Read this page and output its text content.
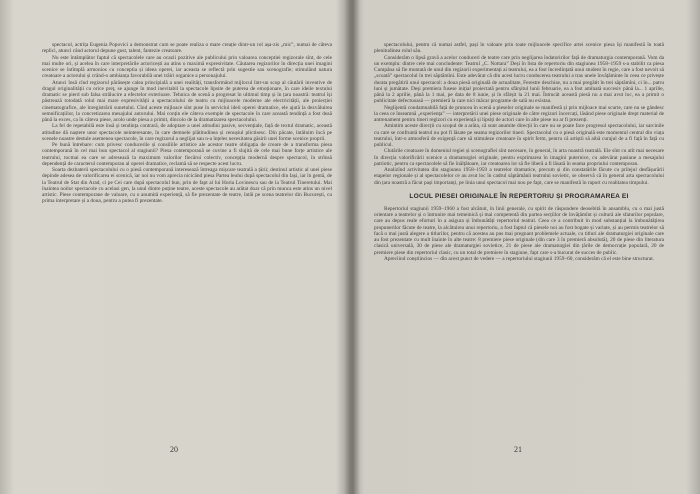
spectacol, actrița Eugenia Popovici a demonstrat cum se poate realiza o mare creație dintr-un rol așa-zis „mic”, numai de câteva replici, atunci când actorul depune gust, talent, fantezie creatoare.

Nu este întâmplător faptul că spectacolele care au ocazii pozitive ale publicului prin valoarea conceptiei regizorale sînt, de cele mai multe ori, și acelea în care interpretările actoricești au atins o maximă expresivitate. Căutarea regizorilor în direcția unei imagini scenice se întîmplă armonios cu conceptia și ideea operei, iar aceasta se reflectă prin sugestie sau scenografie; stimulând natura creatoare a actorului și crând-o ambianța favorabilă unei trăiri organice a personajului.

Atunci însă cînd regizorul părăsește calea principială a unei realități, transformând mijlocul într-un scop al căutării inventive de dragul originalității cu orice preț, se ajunge în mod inevitabil la spectacole lipsite de puterea de emoționare, în care ideile textului dramatic se pierd sub falsa strălucire a efectelor exterioare. Tehnica de scenă a progresat în ultimul timp și în țara noastră: teatrul își păstrează totodată rolul mai mare expresivității a spectacolului de teatru cu mijloacele moderne ale electricității, ale proiecției cinematografice, ale înregistrării sunetului. Cînd aceste mijloace sînt puse în serviciul ideii operei dramatice, ele ajută la dezvăluirea semnificațiilor, la concretizarea mesajului autorului. Mai conțin ele câteva exemple de spectacole în care această tendință a fost dusă până la exces, ca în câteva piese, acolo unde piesa a primit, dincolo de la dramatizarea spectacolului.

La fel de repetabilă este însă și tendința contrară, de adoptare a unei atitudini pasive, secvențiale, față de textul dramatic, această atitudine dă naștere unor spectacole neinteresante, în care demnele plătitudinea și cenușiul plictisesc. Din păcate, întâlnim încă pe scenele noastre destule asemenea spectacole, în care regizorul a neglijat sau n-a înțeles necesitatea găsirii unei forme scenice proprii.

Pe bună întrebare: cum privesc conducerile și consiliile artistice ale acestor teatre obligația de creare de a transforma piesa contemporană în cel mai bun spectacol al stagiunii? Piesa contemporană se cuvine a fi slujită de cele mai bune forțe artistice ale teatrului, tocmai ea care se adresează la maximum valorilor fiecărui colectiv, concepția modernă despre spectacol, în strînsă dependență de caracterul contemporan al operei dramatice, reclamă să se respecte acest lucru.

Soarta dezbaterii spectacolului cu o piesă contemporană interesează întreaga mișcare teatrală a țării; destinul artistic al unei piese depinde adesea de valorificarea ei scenică, iar noi nu vom aprecia nicicând piesa Partea leului după spectacolul din Iași, iar în gentă, de la Teatrul de Stat din Arad, ci pe Cei care după spectacolul bun, prin de fapt al lui Horia Lovinescu sau de la Teatrul Tineretului. Mai înaintea noilor spectacole cu acelasi gen, la unul dintre puține teatre, aceste spectacole au arătat doar că prin munca este atins un nivel artistic. Piese contemporane de valoare, cu o anumită experiență, să fie prezentate de teatre, întâi pe scena teatrelor din București, cu prima interpretare și a doua, pentru a putea fi prezentate.

20

spectacolului, pentru că numai astfel, pași în valoare prin toate mijloacele specifice artei scenice piesa își manifestă în toată plenitudinea rolul său.

Considerăm o lipsă gravă a acelor conduceri de teatre care prin neglijarea îndatoririlor față de dramaturgia contemporană. Vom da un exemplu: dintre cele mai concludente: Teatrul „C. Nottara” Deși în lista de repertoriu din stagiunea 1958–1959 s-a stabilit ca piesa Cumpăna să fie montată de unul din regizorii experimentați ai teatrului, ea a fost încredințată unui student în regie, care a fost nevoit să „scoată” spectacolul în trei săptămîni. Este adevărat că din acest lucru conducerea teatrului a tras unele învățăminte în ceea ce privește durata pregătirii unui spectacol: a doua piesă originală de actualitate, Ferestre deschise, nu a mai pregătit în trei săptămîni, ci în... patru luni și jumătate. Deși premiera fusese inițial proiectată pentru sfârșitul lunii februarie, ea a fost amînată succesiv până la... 1 aprilie, până la 2 aprilie, până la 1 mai, pe data de 8 iunie, și în sfârșit la 21 mai. Întrucât această piesă nu a mai avut loc, ea a primit o publicitate defectuoasă — premieră la care nici măcar programe de sală nu existau.

Neglijentă condamnabilă față de pruncea în scenă a pieselor originale se manifestă și prin mijloace mai scurte, care nu se gândesc la ceea ce înseamnă „experiența” — interpretării unei piese originale de către regizori încercați, lăsând piese originale drept material de antrenament pentru tineri regizori cu experiență și lipsiți de actori care în alte piese nu ar fi prezenți.

Amintim aceste direcții cu scopul de a arăta, că sunt anumite direcții în care nu se poate face progresul spectacolului, iar sarcinile cu care se confruntă teatrul nu pot fi lăsate pe seama regizorilor tineri. Spectacolul cu o piesă originală este momentul central din viața teatrului, într-o atmosferă de exigență care să stimuleze creatoare în spirit ferm, pentru că artiștii să aibă curajul de a fi față în față cu publicul.

Clutările creatoare în domeniul regiei și scenografiei sînt necesare, în general, în arta noastră teatrală. Ele sînt cu atît mai necesare în direcția valorificării scenice a dramaturgiei originale, pentru exprimarea în imagini puternice, cu adevărat pasiune a mesajului patriotic, pentru ca spectacolele să fie înălțătoare, iar creatoarea lor să fie liberă a fi lăsată în seama propriului contemporan.

Analizînd activitatea din stagiunea 1958–1959 a teatrelor dramatice, precum și din constatările făcute cu prilejul desfășurării etapelor regionale și al spectacolelor ce au avut loc în cadrul săptămânii teatrului sovietic, se observă că în general arta spectacolului din țara noastră a făcut pași importanți, pe linia unui spectacol mai nou pe fapt, care se manifestă în raport cu realitatea timpului.

LOCUL PIESEI ORIGINALE ÎN REPERTORIU ȘI PROGRAMAREA EI

Repertoriul stagiunii 1959–1960 a fost alcătuit, în linii generale, cu spirit de răspundere deosebită în ansamblu, cu o mai justă orientare a teatrelor și o întrunire mai temeinică și mai competentă din partea secțiilor de învățămînt și cultură ale sfaturilor populare, care au depus reale eforturi în a asigura și îmbunătăți repertoriul teatral. Ceea ce a contribuit în mod substanțial la îmbunătățirea propunerilor făcute de teatre, la alcătuirea unui repertoriu, a fost faptul că piesele noi au fost bogate și variate, și au permis teatrelor să facă o mai justă alegere a titlurilor, pentru că acestea au pus mai pregnant problemele actuale, cu titluri ale dramaturgiei originale care au fost prezentate cu mult înainte în alte teatre: 8 premiere piese originale (din care 3 în premieră absolută), 20 de piese din literatura clasică universală, 30 de piese ale dramaturgiei sovietice, 21 de piese ale dramaturgiei din țările de democrație populară, 20 de premiere piese din repertoriul clasic, cu un total de premiere în stagiune, fapt care s-a bucurat de succes de public.

Apreciind conștiincios — din acest punct de vedere — a repertoriului stagiunii 1959–60, considerăm că el este bine structurat.

21
